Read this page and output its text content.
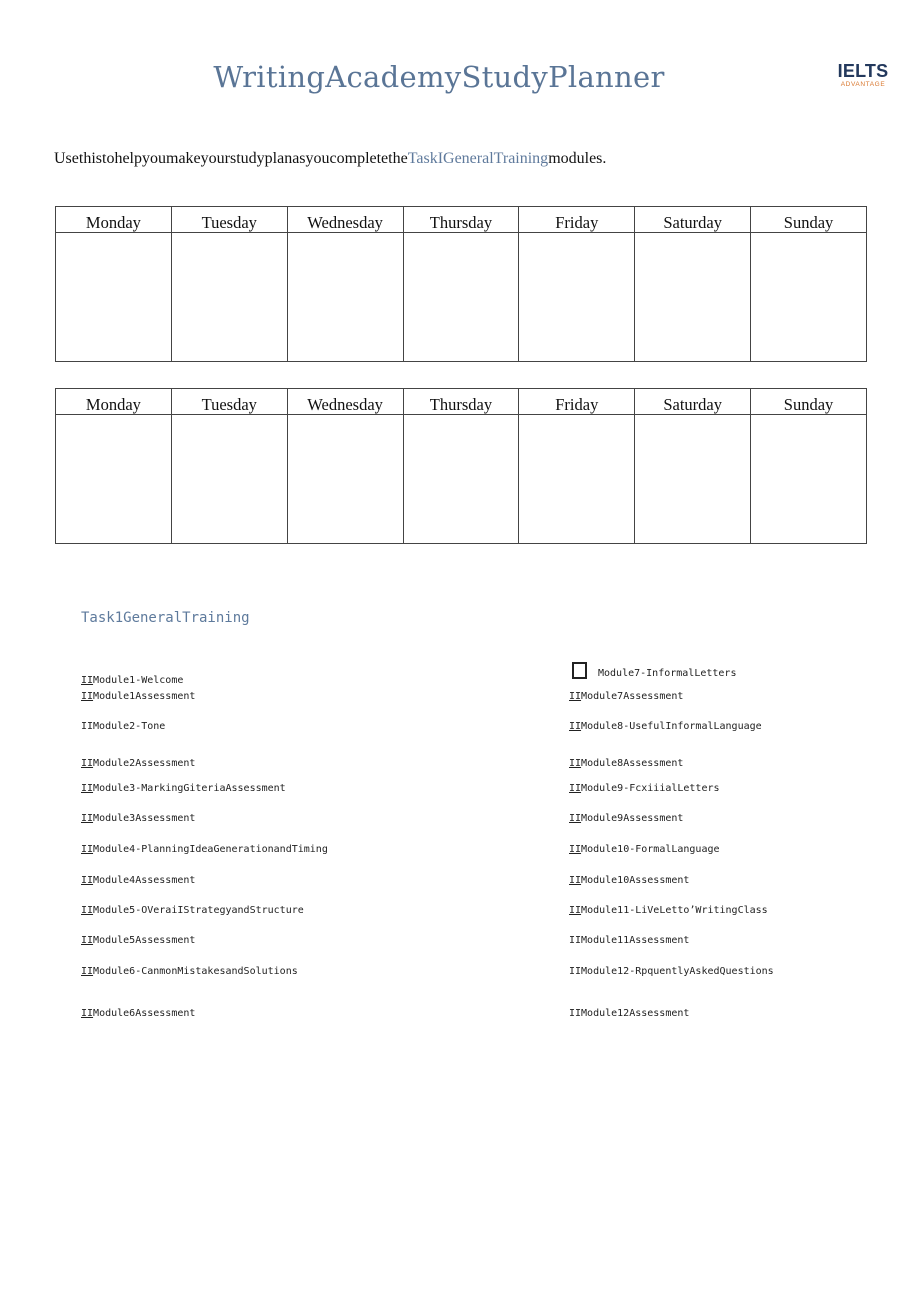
WritingAcademyStudyPlanner	IELTS
ADVANTAGE
UsethistohelpyoumakeyourstudyplanasyoucompletetheTaskIGeneralTrainingmodules.
Monday	Tuesday	Wednesday	Thursday	Friday	Saturday	Sunday

Monday	Tuesday	Wednesday	Thursday	Friday	Saturday	Sunday

Task1GeneralTraining
IIModule1-Welcome
IIModule1Assessment
IIModule2-Tone
IIModule2Assessment
IIModule3-MarkingGiteriaAssessment
IIModule3Assessment
IIModule4-PlanningIdeaGenerationandTiming
IIModule4Assessment
IIModule5-OVeraiIStrategyandStructure
IIModule5Assessment
IIModule6-CanmonMistakesandSolutions
IIModule6Assessment
Module7-InformalLetters
IIModule7Assessment
IIModule8-UsefulInformalLanguage
IIModule8Assessment
IIModule9-FcxiiialLetters
IIModule9Assessment
IIModule10-FormalLanguage
IIModule10Assessment
IIModule11-LiVeLetto’WritingClass
IIModule11Assessment
IIModule12-RpquentlyAskedQuestions
IIModule12Assessment
